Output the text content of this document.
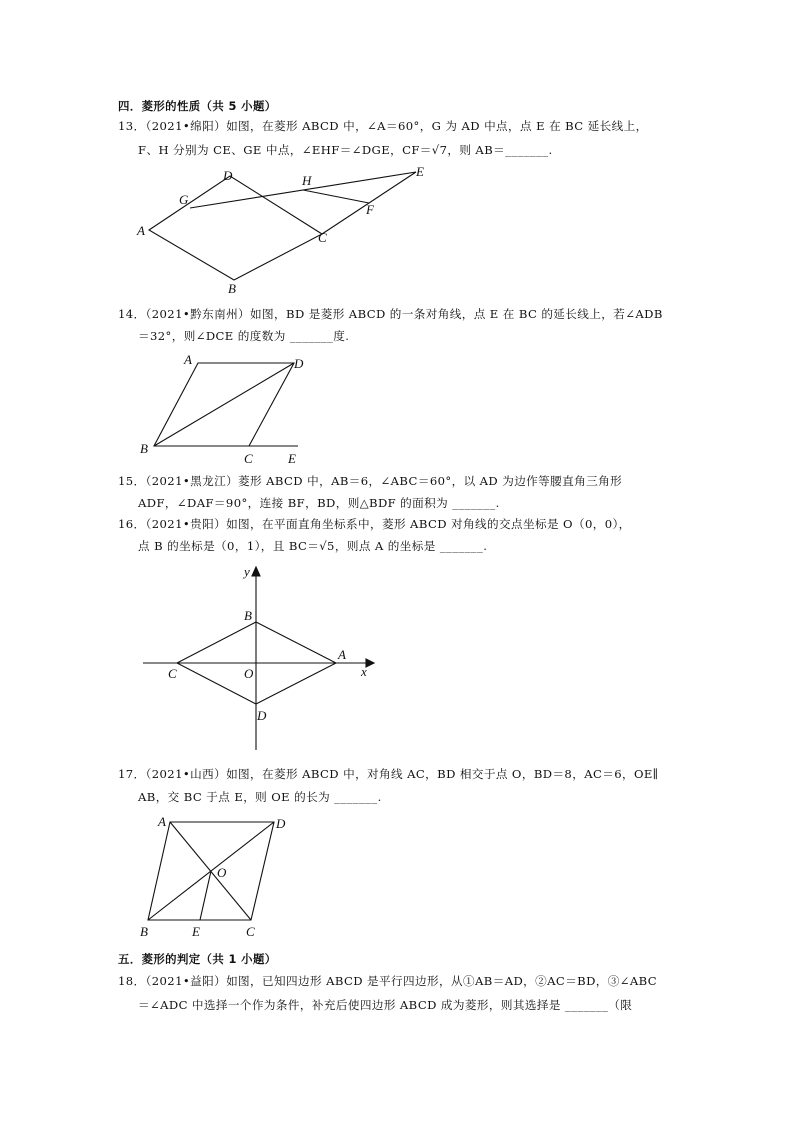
四．菱形的性质（共 5 小题）
13．（2021•绵阳）如图，在菱形 ABCD 中，∠A＝60°，G 为 AD 中点，点 E 在 BC 延长线上，
F、H 分别为 CE、GE 中点，∠EHF＝∠DGE，CF＝√7，则 AB＝_______.
A
B
C
D	E
F
G
H
14．（2021•黔东南州）如图，BD 是菱形 ABCD 的一条对角线，点 E 在 BC 的延长线上，若∠ADB
＝32°，则∠DCE 的度数为 _______度.
A
B
C
D
E
15．（2021•黑龙江）菱形 ABCD 中，AB＝6，∠ABC＝60°，以 AD 为边作等腰直角三角形
ADF，∠DAF＝90°，连接 BF，BD，则△BDF 的面积为 _______.
16．（2021•贵阳）如图，在平面直角坐标系中，菱形 ABCD 对角线的交点坐标是 O（0，0），
点 B 的坐标是（0，1），且 BC＝√5，则点 A 的坐标是 _______.
y
x
A
B
C
D
O
17．（2021•山西）如图，在菱形 ABCD 中，对角线 AC，BD 相交于点 O，BD＝8，AC＝6，OE∥
AB，交 BC 于点 E，则 OE 的长为 _______.
A
B	C
D
E
O
五．菱形的判定（共 1 小题）
18．（2021•益阳）如图，已知四边形 ABCD 是平行四边形，从①AB＝AD，②AC＝BD，③∠ABC
＝∠ADC 中选择一个作为条件，补充后使四边形 ABCD 成为菱形，则其选择是 _______（限
